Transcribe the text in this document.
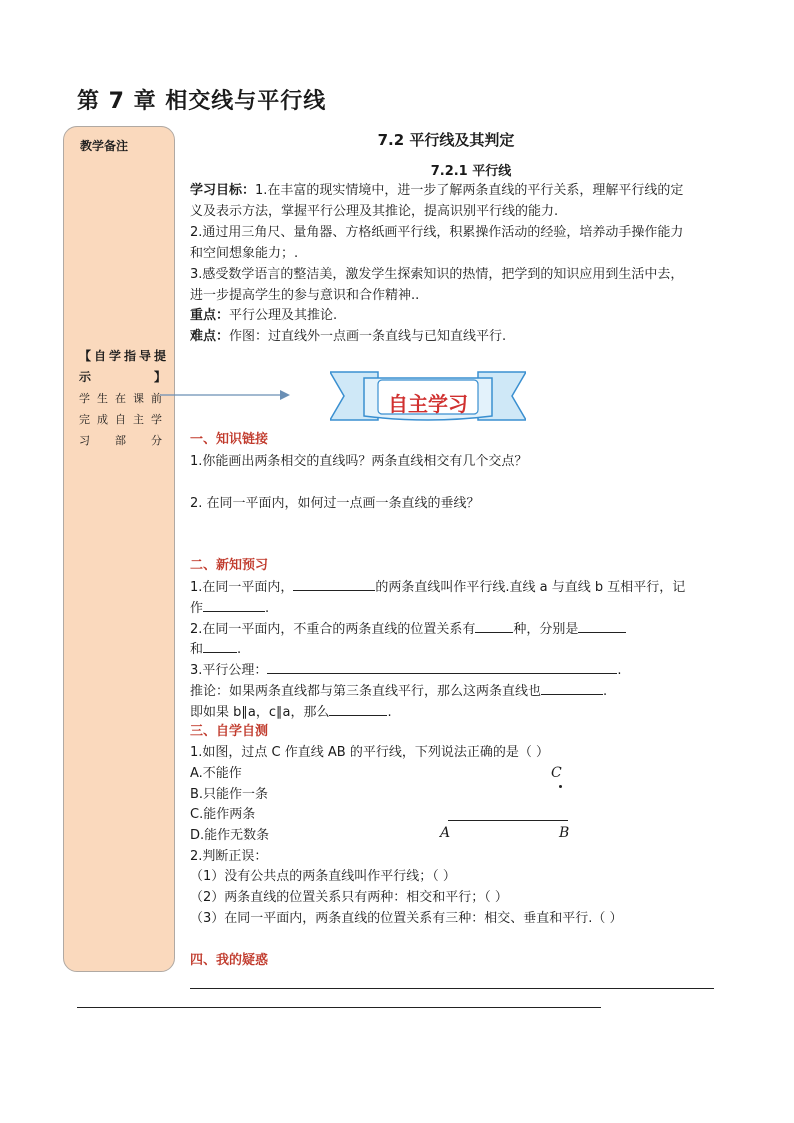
第 7 章 相交线与平行线
教学备注
【自学指导提示】
学生在课前完成自主学习部分
7.2 平行线及其判定
7.2.1 平行线
学习目标：1.在丰富的现实情境中，进一步了解两条直线的平行关系，理解平行线的定
义及表示方法，掌握平行公理及其推论，提高识别平行线的能力.
2.通过用三角尺、量角器、方格纸画平行线，积累操作活动的经验，培养动手操作能力
和空间想象能力；.
3.感受数学语言的整洁美，激发学生探索知识的热情，把学到的知识应用到生活中去，
进一步提高学生的参与意识和合作精神..
重点：平行公理及其推论.
难点：作图：过直线外一点画一条直线与已知直线平行.
自主学习
一、知识链接
1.你能画出两条相交的直线吗？两条直线相交有几个交点？
2. 在同一平面内，如何过一点画一条直线的垂线？
二、新知预习
1.在同一平面内，	的两条直线叫作平行线.直线 a 与直线 b 互相平行，记
作	.
2.在同一平面内，不重合的两条直线的位置关系有	种，分别是
和	.
3.平行公理：	.
推论：如果两条直线都与第三条直线平行，那么这两条直线也	.
即如果 b∥a，c∥a，那么	.
三、自学自测
1.如图，过点 C 作直线 AB 的平行线，下列说法正确的是（ ）
A.不能作
B.只能作一条
C.能作两条
D.能作无数条
2.判断正误：
（1）没有公共点的两条直线叫作平行线；（ ）
（2）两条直线的位置关系只有两种：相交和平行；（ ）
（3）在同一平面内，两条直线的位置关系有三种：相交、垂直和平行.（ ）
C
A	B
四、我的疑惑
